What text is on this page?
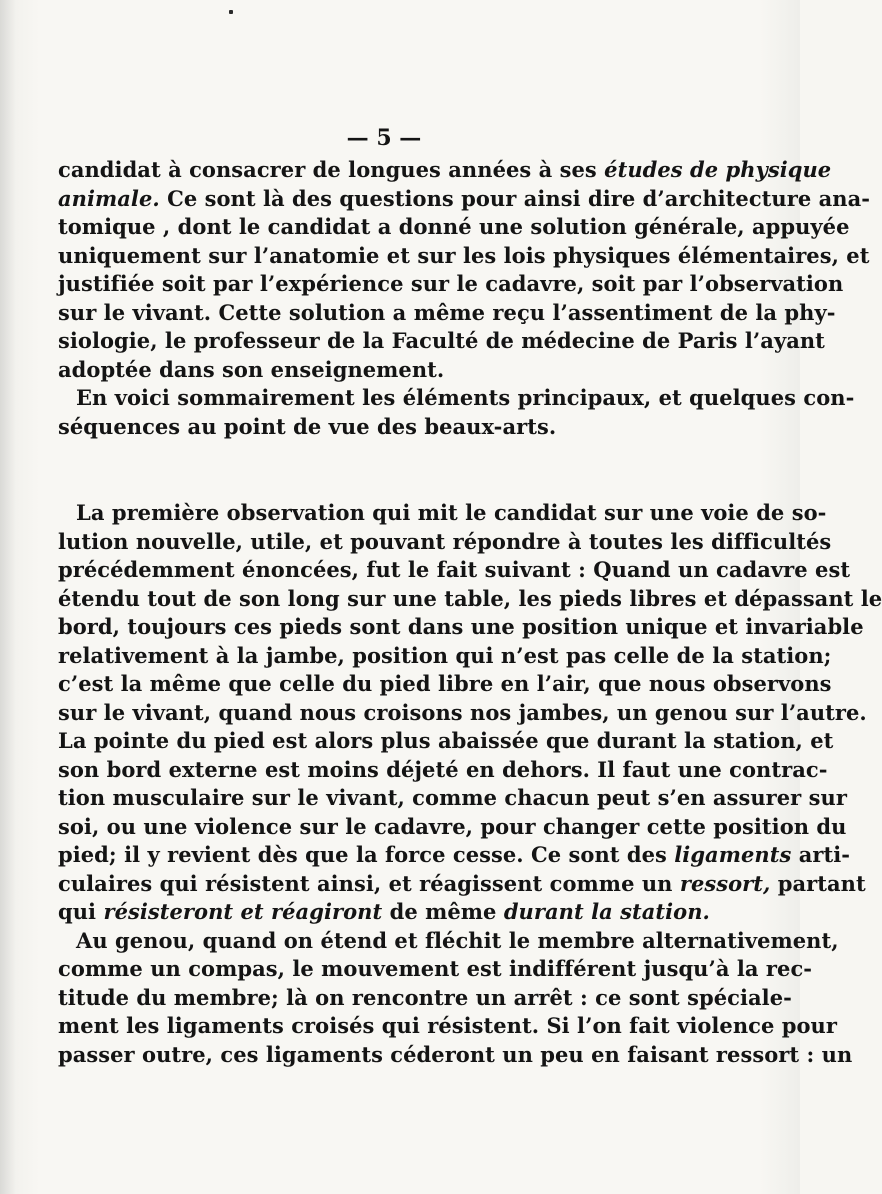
— 5 —
candidat à consacrer de longues années à ses études de physique
animale. Ce sont là des questions pour ainsi dire d’architecture ana-
tomique , dont le candidat a donné une solution générale, appuyée
uniquement sur l’anatomie et sur les lois physiques élémentaires, et
justifiée soit par l’expérience sur le cadavre, soit par l’observation
sur le vivant. Cette solution a même reçu l’assentiment de la phy-
siologie, le professeur de la Faculté de médecine de Paris l’ayant
adoptée dans son enseignement.
En voici sommairement les éléments principaux, et quelques con-
séquences au point de vue des beaux-arts.
La première observation qui mit le candidat sur une voie de so-
lution nouvelle, utile, et pouvant répondre à toutes les difficultés
précédemment énoncées, fut le fait suivant : Quand un cadavre est
étendu tout de son long sur une table, les pieds libres et dépassant le
bord, toujours ces pieds sont dans une position unique et invariable
relativement à la jambe, position qui n’est pas celle de la station;
c’est la même que celle du pied libre en l’air, que nous observons
sur le vivant, quand nous croisons nos jambes, un genou sur l’autre.
La pointe du pied est alors plus abaissée que durant la station, et
son bord externe est moins déjeté en dehors. Il faut une contrac-
tion musculaire sur le vivant, comme chacun peut s’en assurer sur
soi, ou une violence sur le cadavre, pour changer cette position du
pied; il y revient dès que la force cesse. Ce sont des ligaments arti-
culaires qui résistent ainsi, et réagissent comme un ressort, partant
qui résisteront et réagiront de même durant la station.
Au genou, quand on étend et fléchit le membre alternativement,
comme un compas, le mouvement est indifférent jusqu’à la rec-
titude du membre; là on rencontre un arrêt : ce sont spéciale-
ment les ligaments croisés qui résistent. Si l’on fait violence pour
passer outre, ces ligaments céderont un peu en faisant ressort : un
